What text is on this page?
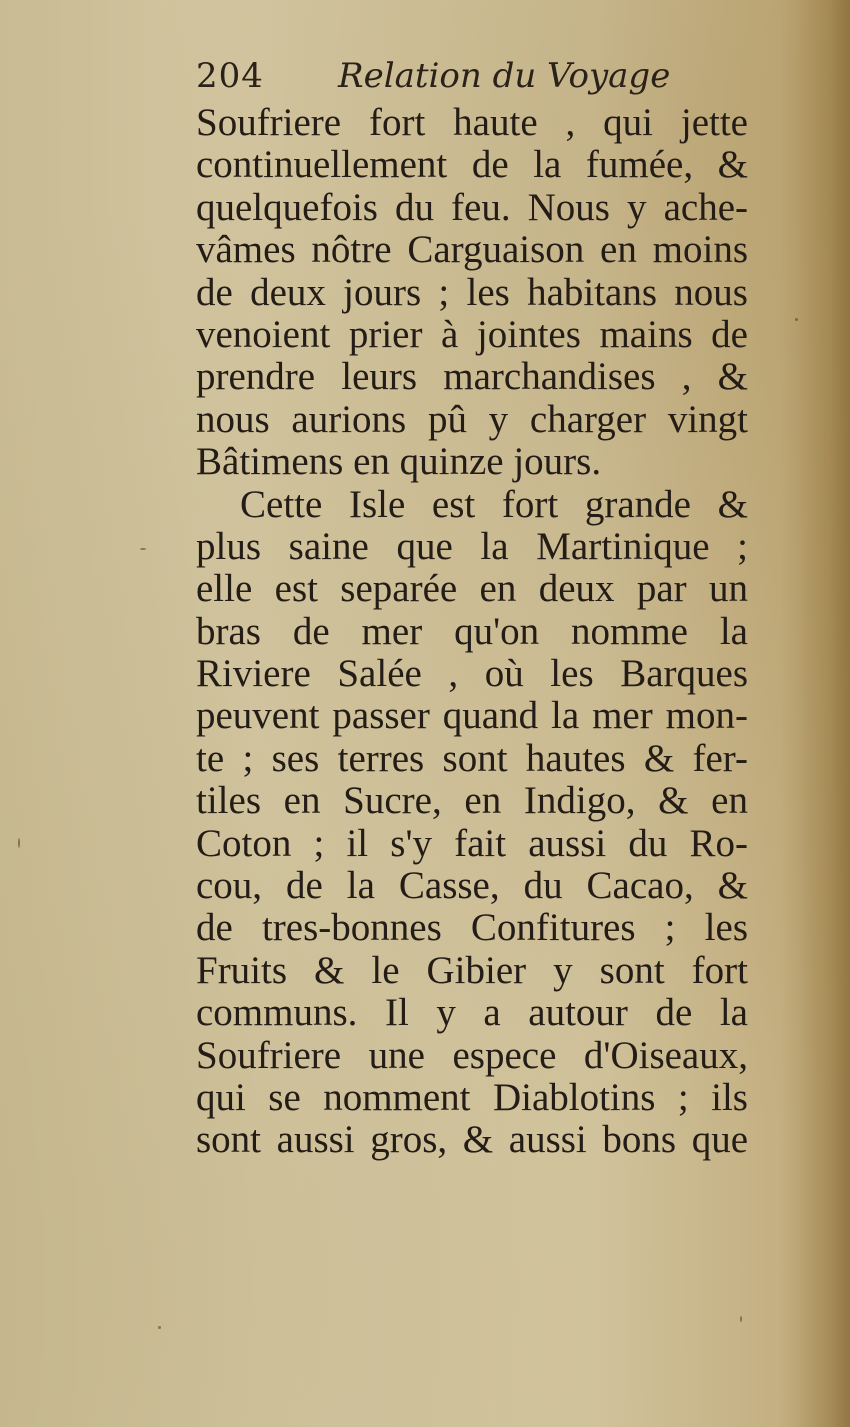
204 Relation du Voyage
Soufriere fort haute , qui jette
continuellement de la fumée, &
quelquefois du feu. Nous y ache-
vâmes nôtre Carguaison en moins
de deux jours ; les habitans nous
venoient prier à jointes mains de
prendre leurs marchandises , &
nous aurions pû y charger vingt
Bâtimens en quinze jours.
Cette Isle est fort grande &
plus saine que la Martinique ;
elle est separée en deux par un
bras de mer qu'on nomme la
Riviere Salée , où les Barques
peuvent passer quand la mer mon-
te ; ses terres sont hautes & fer-
tiles en Sucre, en Indigo, & en
Coton ; il s'y fait aussi du Ro-
cou, de la Casse, du Cacao, &
de tres-bonnes Confitures ; les
Fruits & le Gibier y sont fort
communs. Il y a autour de la
Soufriere une espece d'Oiseaux,
qui se nomment Diablotins ; ils
sont aussi gros, & aussi bons que
